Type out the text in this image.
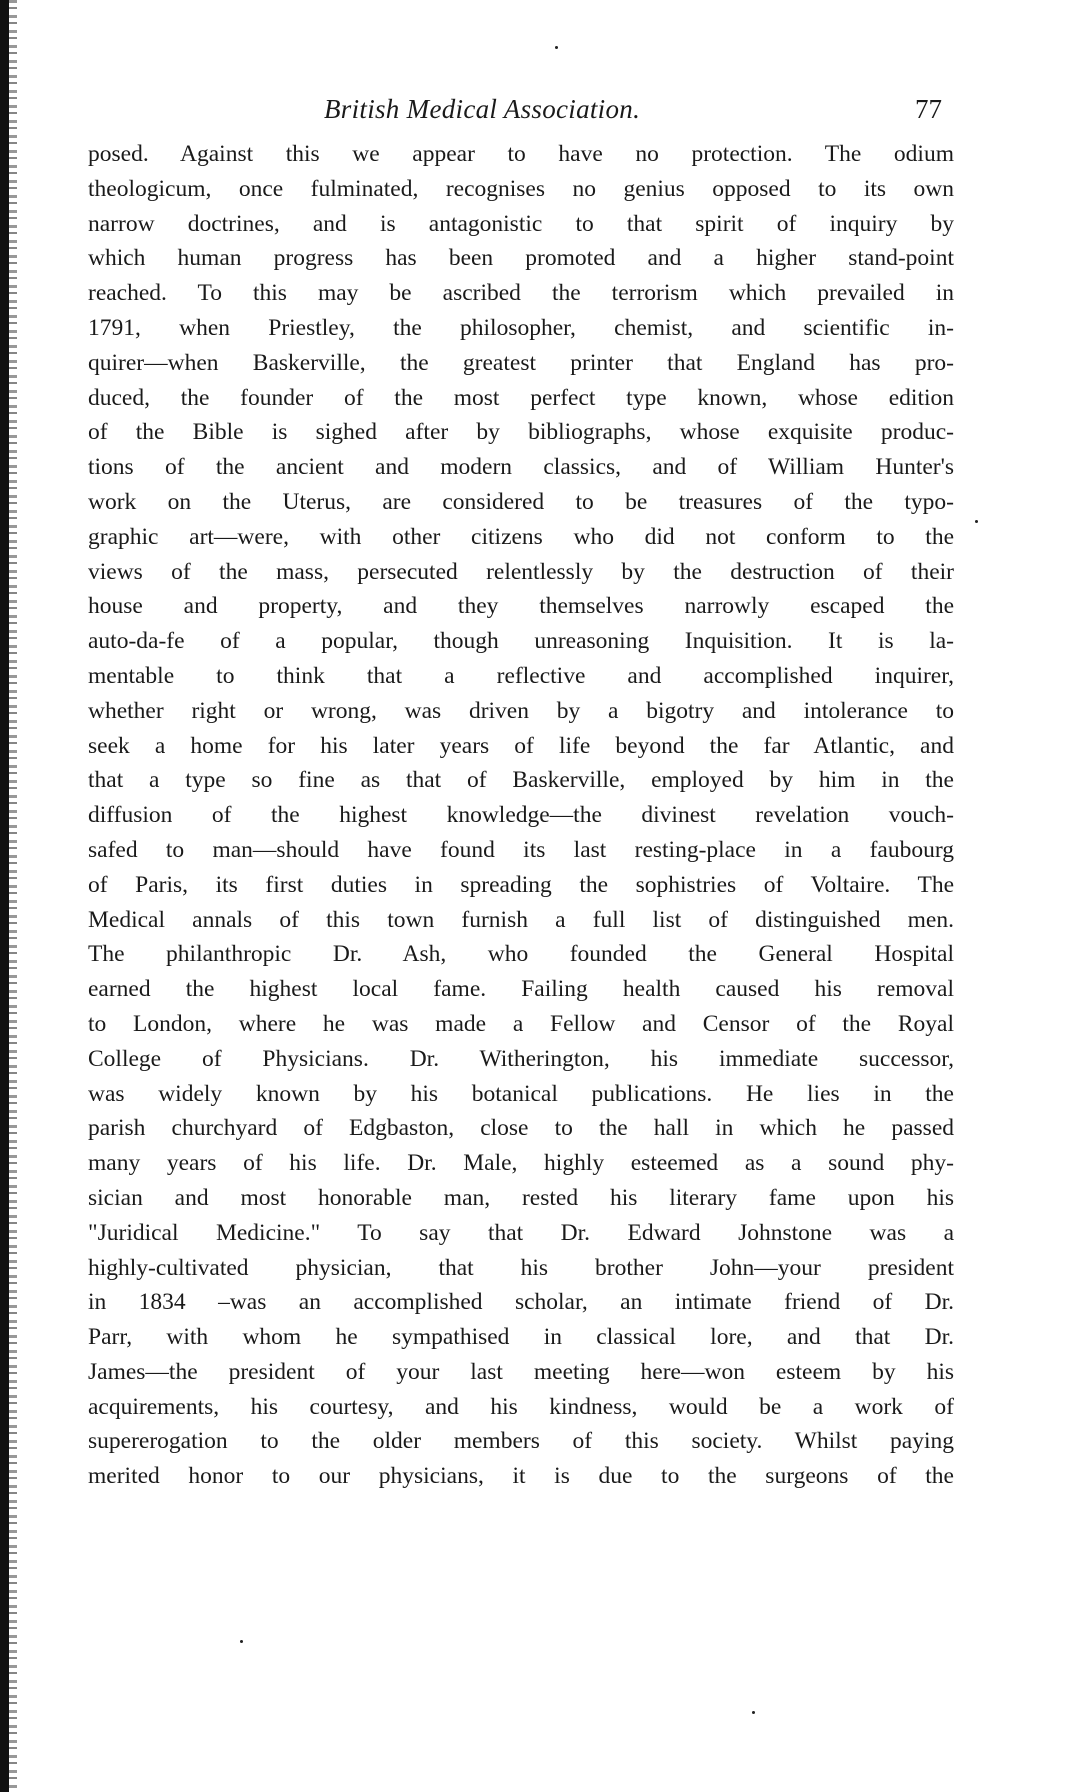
British Medical Association.	77
posed. Against this we appear to have no protection. The odium
theologicum, once fulminated, recognises no genius opposed to its own
narrow doctrines, and is antagonistic to that spirit of inquiry by
which human progress has been promoted and a higher stand-point
reached. To this may be ascribed the terrorism which prevailed in
1791, when Priestley, the philosopher, chemist, and scientific in-
quirer—when Baskerville, the greatest printer that England has pro-
duced, the founder of the most perfect type known, whose edition
of the Bible is sighed after by bibliographs, whose exquisite produc-
tions of the ancient and modern classics, and of William Hunter's
work on the Uterus, are considered to be treasures of the typo-
graphic art—were, with other citizens who did not conform to the
views of the mass, persecuted relentlessly by the destruction of their
house and property, and they themselves narrowly escaped the
auto-da-fe of a popular, though unreasoning Inquisition. It is la-
mentable to think that a reflective and accomplished inquirer,
whether right or wrong, was driven by a bigotry and intolerance to
seek a home for his later years of life beyond the far Atlantic, and
that a type so fine as that of Baskerville, employed by him in the
diffusion of the highest knowledge—the divinest revelation vouch-
safed to man—should have found its last resting-place in a faubourg
of Paris, its first duties in spreading the sophistries of Voltaire. The
Medical annals of this town furnish a full list of distinguished men.
The philanthropic Dr. Ash, who founded the General Hospital
earned the highest local fame. Failing health caused his removal
to London, where he was made a Fellow and Censor of the Royal
College of Physicians. Dr. Witherington, his immediate successor,
was widely known by his botanical publications. He lies in the
parish churchyard of Edgbaston, close to the hall in which he passed
many years of his life. Dr. Male, highly esteemed as a sound phy-
sician and most honorable man, rested his literary fame upon his
"Juridical Medicine." To say that Dr. Edward Johnstone was a
highly-cultivated physician, that his brother John—your president
in 1834 –was an accomplished scholar, an intimate friend of Dr.
Parr, with whom he sympathised in classical lore, and that Dr.
James—the president of your last meeting here—won esteem by his
acquirements, his courtesy, and his kindness, would be a work of
supererogation to the older members of this society. Whilst paying
merited honor to our physicians, it is due to the surgeons of the
